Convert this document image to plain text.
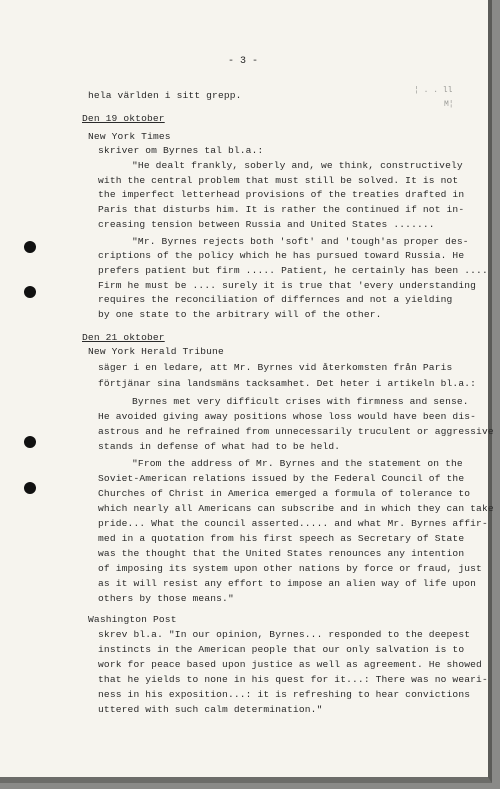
- 3 -
¦ . . ll
M¦
hela världen i sitt grepp.
Den 19 oktober
New York Times
skriver om Byrnes tal bl.a.:
"He dealt frankly, soberly and, we think, constructively
with the central problem that must still be solved. It is not
the imperfect letterhead provisions of the treaties drafted in
Paris that disturbs him. It is rather the continued if not in-
creasing tension between Russia and United States .......
"Mr. Byrnes rejects both 'soft' and 'tough'as proper des-
criptions of the policy which he has pursued toward Russia. He
prefers patient but firm ..... Patient, he certainly has been ....
Firm he must be .... surely it is true that 'every understanding
requires the reconciliation of differnces and not a yielding
by one state to the arbitrary will of the other.
Den 21 oktober
New York Herald Tribune
säger i en ledare, att Mr. Byrnes vid återkomsten från Paris
förtjänar sina landsmäns tacksamhet. Det heter i artikeln bl.a.:
Byrnes met very difficult crises with firmness and sense.
He avoided giving away positions whose loss would have been dis-
astrous and he refrained from unnecessarily truculent or aggressive
stands in defense of what had to be held.
"From the address of Mr. Byrnes and the statement on the
Soviet-American relations issued by the Federal Council of the
Churches of Christ in America emerged a formula of tolerance to
which nearly all Americans can subscribe and in which they can take
pride... What the council asserted..... and what Mr. Byrnes affir-
med in a quotation from his first speech as Secretary of State
was the thought that the United States renounces any intention
of imposing its system upon other nations by force or fraud, just
as it will resist any effort to impose an alien way of life upon
others by those means."
Washington Post
skrev bl.a. "In our opinion, Byrnes... responded to the deepest
instincts in the American people that our only salvation is to
work for peace based upon justice as well as agreement. He showed
that he yields to none in his quest for it...: There was no weari-
ness in his exposition...: it is refreshing to hear convictions
uttered with such calm determination."
